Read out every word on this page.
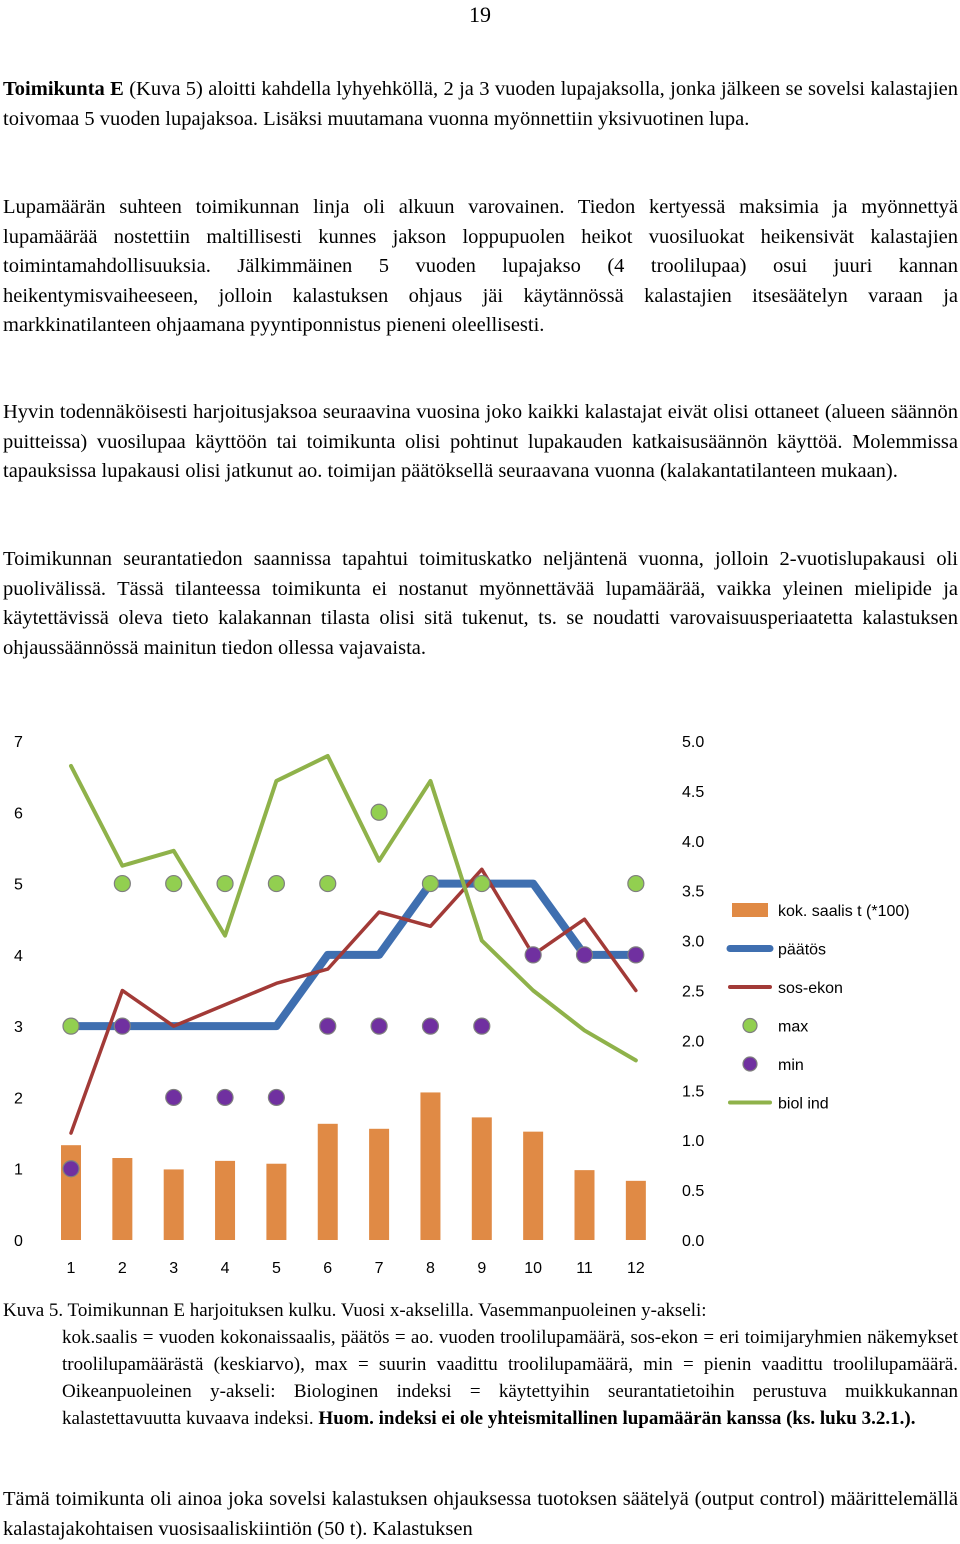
19
Toimikunta E (Kuva 5) aloitti kahdella lyhyehköllä, 2 ja 3 vuoden lupajaksolla, jonka jälkeen se sovelsi kalastajien toivomaa 5 vuoden lupajaksoa. Lisäksi muutamana vuonna myönnettiin yksivuotinen lupa.
Lupamäärän suhteen toimikunnan linja oli alkuun varovainen. Tiedon kertyessä maksimia ja myönnettyä lupamäärää nostettiin maltillisesti kunnes jakson loppupuolen heikot vuosiluokat heikensivät kalastajien toimintamahdollisuuksia. Jälkimmäinen 5 vuoden lupajakso (4 troolilupaa) osui juuri kannan heikentymisvaiheeseen, jolloin kalastuksen ohjaus jäi käytännössä kalastajien itsesäätelyn varaan ja markkinatilanteen ohjaamana pyyntiponnistus pieneni oleellisesti.
Hyvin todennäköisesti harjoitusjaksoa seuraavina vuosina joko kaikki kalastajat eivät olisi ottaneet (alueen säännön puitteissa) vuosilupaa käyttöön tai toimikunta olisi pohtinut lupakauden katkaisusäännön käyttöä. Molemmissa tapauksissa lupakausi olisi jatkunut ao. toimijan päätöksellä seuraavana vuonna (kalakantatilanteen mukaan).
Toimikunnan seurantatiedon saannissa tapahtui toimituskatko neljäntenä vuonna, jolloin 2-vuotislupakausi oli puolivälissä. Tässä tilanteessa toimikunta ei nostanut myönnettävää lupamäärää, vaikka yleinen mielipide ja käytettävissä oleva tieto kalakannan tilasta olisi sitä tukenut, ts. se noudatti varovaisuusperiaatetta kalastuksen ohjaussäännössä mainitun tiedon ollessa vajavaista.
0
1
2
3
4
5
6
7
0.0
0.5
1.0
1.5
2.0
2.5
3.0
3.5
4.0
4.5
5.0
1	2	3	4	5	6	7	8	9 10 11 12
kok. saalis t (*100)
päätös
sos-ekon
max
min
biol ind
Kuva 5. Toimikunnan E harjoituksen kulku. Vuosi x-akselilla. Vasemmanpuoleinen y-akseli:
kok.saalis = vuoden kokonaissaalis, päätös = ao. vuoden troolilupamäärä, sos-ekon = eri toimijaryhmien näkemykset troolilupamäärästä (keskiarvo), max = suurin vaadittu troolilupamäärä, min = pienin vaadittu troolilupamäärä. Oikeanpuoleinen y-akseli: Biologinen indeksi = käytettyihin seurantatietoihin perustuva muikkukannan kalastettavuutta kuvaava indeksi. Huom. indeksi ei ole yhteismitallinen lupamäärän kanssa (ks. luku 3.2.1.).
Tämä toimikunta oli ainoa joka sovelsi kalastuksen ohjauksessa tuotoksen säätelyä (output control) määrittelemällä kalastajakohtaisen vuosisaaliskiintiön (50 t). Kalastuksen
